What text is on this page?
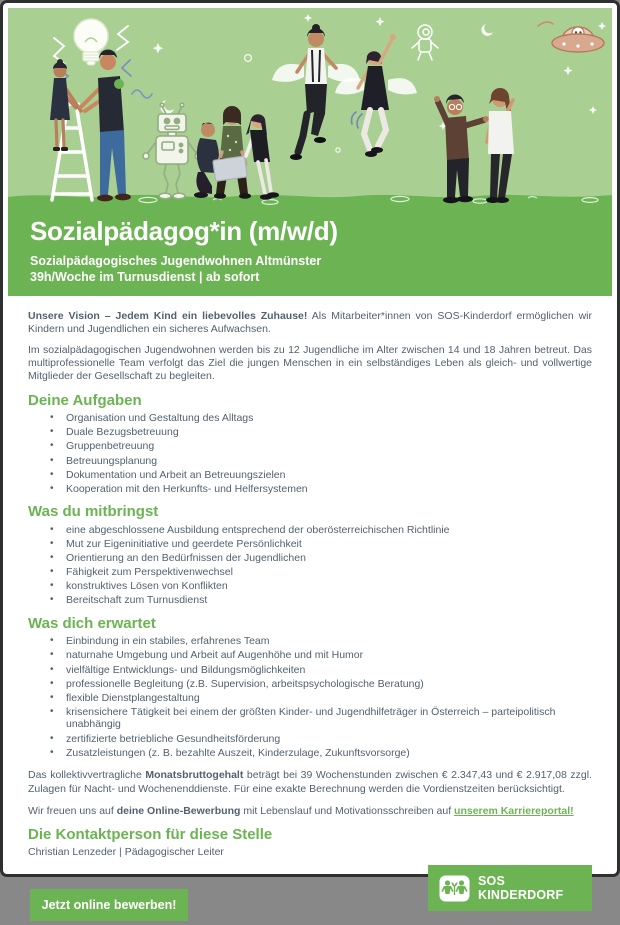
Sozialpädagog*in (m/w/d)
Sozialpädagogisches Jugendwohnen Altmünster
39h/Woche im Turnusdienst | ab sofort

Unsere Vision – Jedem Kind ein liebevolles Zuhause! Als Mitarbeiter*innen von SOS-Kinderdorf ermöglichen wir Kindern und Jugendlichen ein sicheres Aufwachsen.

Im sozialpädagogischen Jugendwohnen werden bis zu 12 Jugendliche im Alter zwischen 14 und 18 Jahren betreut. Das multiprofessionelle Team verfolgt das Ziel die jungen Menschen in ein selbständiges Leben als gleich- und vollwertige Mitglieder der Gesellschaft zu begleiten.

Deine Aufgaben
• Organisation und Gestaltung des Alltags
• Duale Bezugsbetreuung
• Gruppenbetreuung
• Betreuungsplanung
• Dokumentation und Arbeit an Betreuungszielen
• Kooperation mit den Herkunfts- und Helfersystemen
Was du mitbringst
• eine abgeschlossene Ausbildung entsprechend der oberösterreichischen Richtlinie
• Mut zur Eigeninitiative und geerdete Persönlichkeit
• Orientierung an den Bedürfnissen der Jugendlichen
• Fähigkeit zum Perspektivenwechsel
• konstruktives Lösen von Konflikten
• Bereitschaft zum Turnusdienst
Was dich erwartet
• Einbindung in ein stabiles, erfahrenes Team
• naturnahe Umgebung und Arbeit auf Augenhöhe und mit Humor
• vielfältige Entwicklungs- und Bildungsmöglichkeiten
• professionelle Begleitung (z.B. Supervision, arbeitspsychologische Beratung)
• flexible Dienstplangestaltung
• krisensichere Tätigkeit bei einem der größten Kinder- und Jugendhilfeträger in Österreich – parteipolitisch unabhängig
• zertifizierte betriebliche Gesundheitsförderung
• Zusatzleistungen (z. B. bezahlte Auszeit, Kinderzulage, Zukunftsvorsorge)

Das kollektivvertragliche Monatsbruttogehalt beträgt bei 39 Wochenstunden zwischen € 2.347,43 und € 2.917,08 zzgl. Zulagen für Nacht- und Wochenenddienste. Für eine exakte Berechnung werden die Vordienstzeiten berücksichtigt.

Wir freuen uns auf deine Online-Bewerbung mit Lebenslauf und Motivationsschreiben auf unserem Karriereportal!

Die Kontaktperson für diese Stelle
Christian Lenzeder | Pädagogischer Leiter
Jetzt online bewerben!
SOS
KINDERDORF
